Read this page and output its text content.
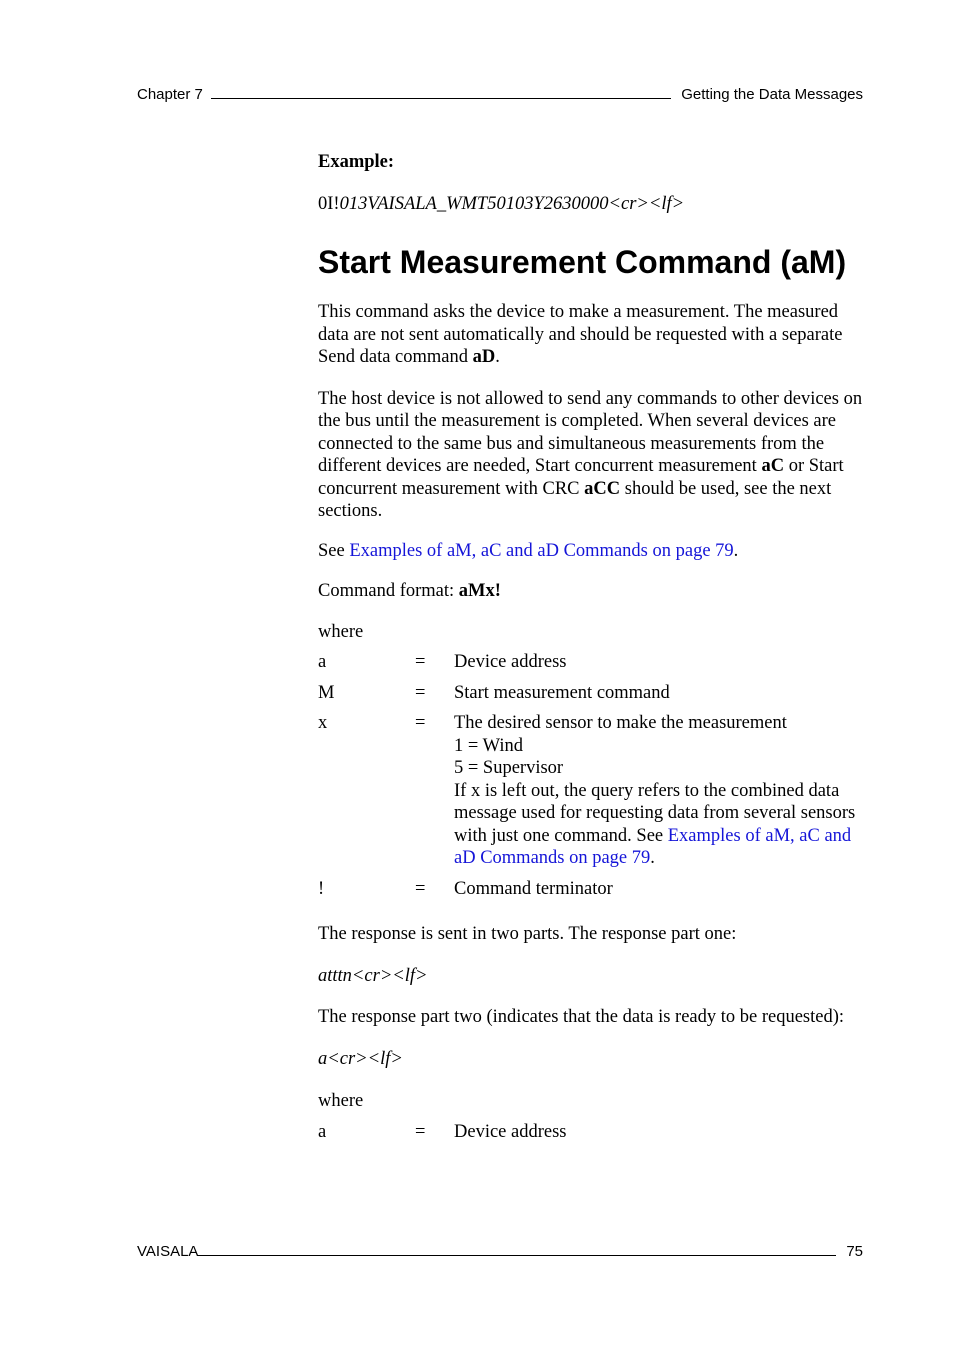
Chapter 7	Getting the Data Messages

Example:

0I!013VAISALA_WMT50103Y2630000<cr><lf>

Start Measurement Command (aM)

This command asks the device to make a measurement. The measured data are not sent automatically and should be requested with a separate Send data command aD.

The host device is not allowed to send any commands to other devices on the bus until the measurement is completed. When several devices are connected to the same bus and simultaneous measurements from the different devices are needed, Start concurrent measurement aC or Start concurrent measurement with CRC aCC should be used, see the next sections.

See Examples of aM, aC and aD Commands on page 79.

Command format: aMx!

where

a	=	Device address
M	=	Start measurement command
x	=	The desired sensor to make the measurement
1 = Wind
5 = Supervisor
If x is left out, the query refers to the combined data message used for requesting data from several sensors with just one command. See Examples of aM, aC and aD Commands on page 79.
!	=	Command terminator

The response is sent in two parts. The response part one:

atttn<cr><lf>

The response part two (indicates that the data is ready to be requested):

a<cr><lf>

where

a	=	Device address
VAISALA	75
